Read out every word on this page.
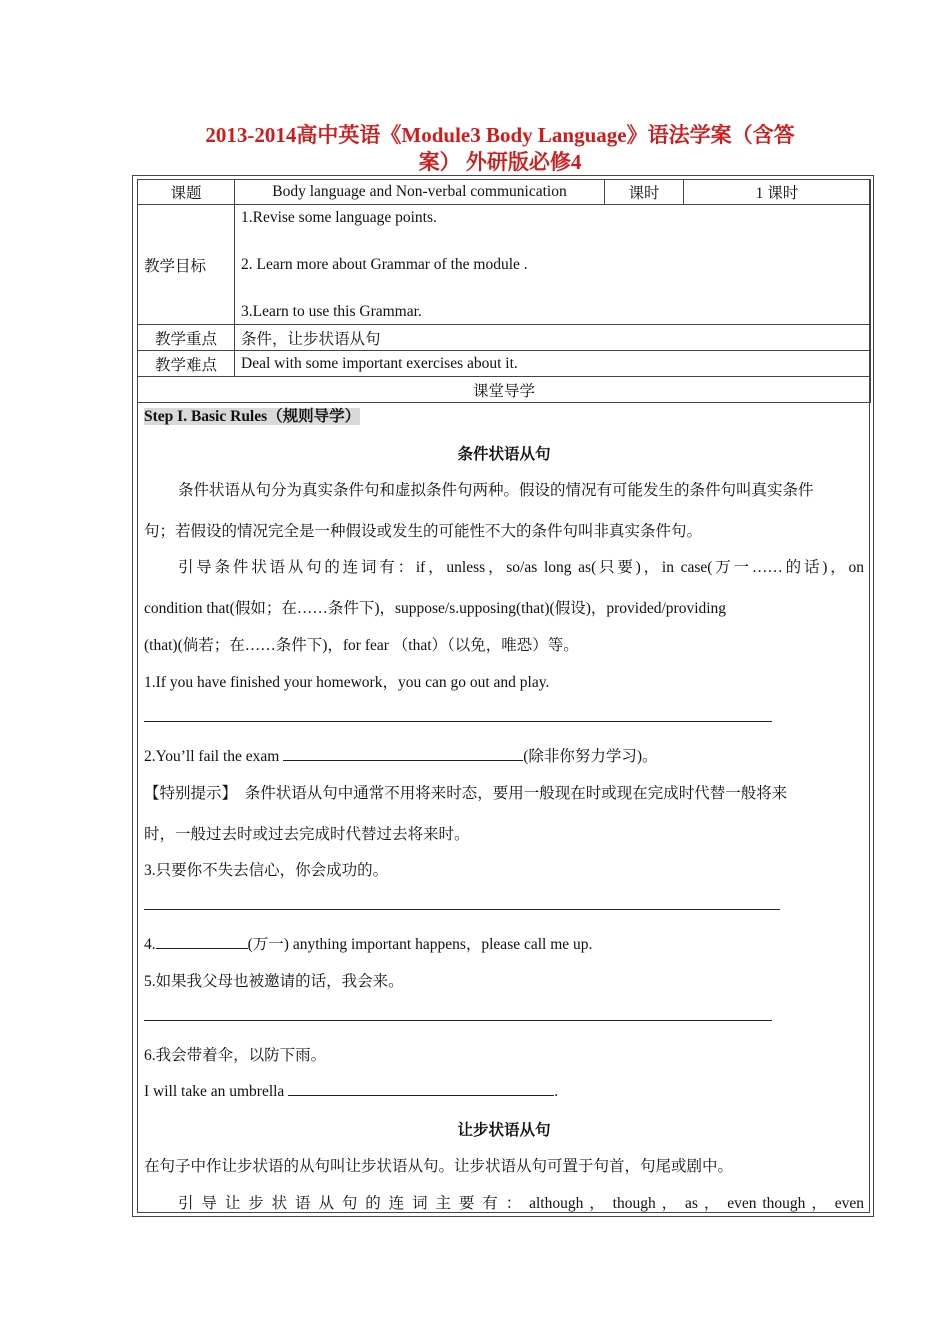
2013-2014高中英语《Module3 Body Language》语法学案（含答
案） 外研版必修4
课题	Body language and Non-verbal communication	课时	1 课时
教学目标	1.Revise some language points.
2. Learn more about Grammar of the module .
3.Learn to use this Grammar.		

教学重点	条件，让步状语从句		
教学难点	Deal with some important exercises about it.		
课堂导学			
Step I. Basic Rules（规则导学）
条件状语从句
条件状语从句分为真实条件句和虚拟条件句两种。假设的情况有可能发生的条件句叫真实条件
句；若假设的情况完全是一种假设或发生的可能性不大的条件句叫非真实条件句。
引导条件状语从句的连词有：if，unless，so/as long as(只要)，in case(万一……的话)，on
condition that(假如；在……条件下)，suppose/s.upposing(that)(假设)，provided/providing
(that)(倘若；在……条件下)，for fear （that）（以免，唯恐）等。
1.If you have finished your homework，you can go out and play.
2.You’ll fail the exam	(除非你努力学习)。
【特别提示】　条件状语从句中通常不用将来时态，要用一般现在时或现在完成时代替一般将来
时，一般过去时或过去完成时代替过去将来时。
3.只要你不失去信心，你会成功的。
4.	(万一) anything important happens，please call me up.
5.如果我父母也被邀请的话，我会来。
6.我会带着伞，以防下雨。
I will take an umbrella	.
让步状语从句
在句子中作让步状语的从句叫让步状语从句。让步状语从句可置于句首，句尾或剧中。
引 导 让 步 状 语 从 句 的 连 词 主 要 有 ： although ， though ， as ， even though ， even
